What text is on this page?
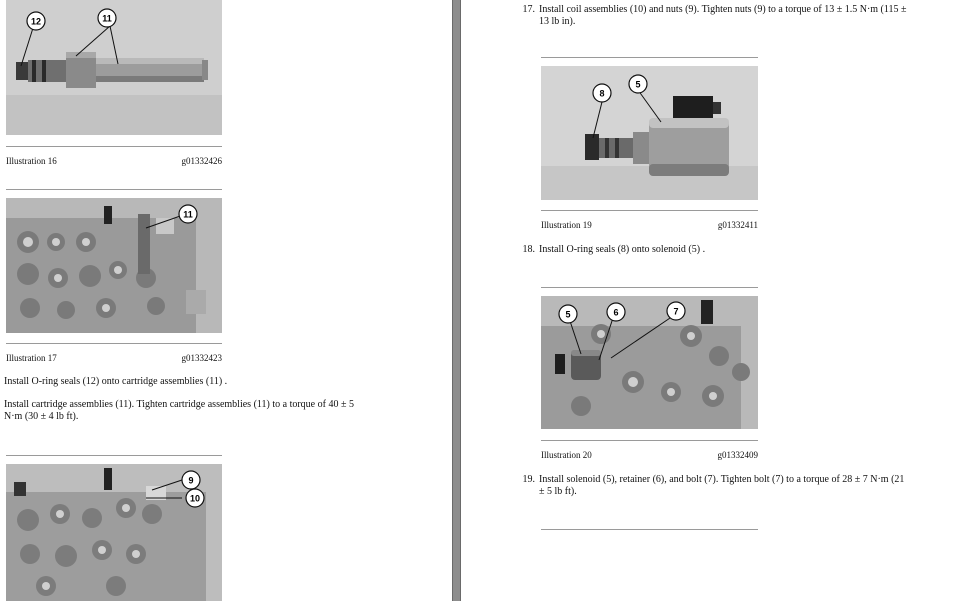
12	11
Illustration 16	g01332426
11
Illustration 17	g01332423
Install O-ring seals (12) onto cartridge assemblies (11) .
Install cartridge assemblies (11). Tighten cartridge assemblies (11) to a torque of 40 ± 5
N·m (30 ± 4 lb ft).
9
10
17. Install coil assemblies (10) and nuts (9). Tighten nuts (9) to a torque of 13 ± 1.5 N·m (115 ±
13 lb in).
8
5
Illustration 19	g01332411
18. Install O-ring seals (8) onto solenoid (5) .
5	6	7
Illustration 20	g01332409
19. Install solenoid (5), retainer (6), and bolt (7). Tighten bolt (7) to a torque of 28 ± 7 N·m (21
± 5 lb ft).
